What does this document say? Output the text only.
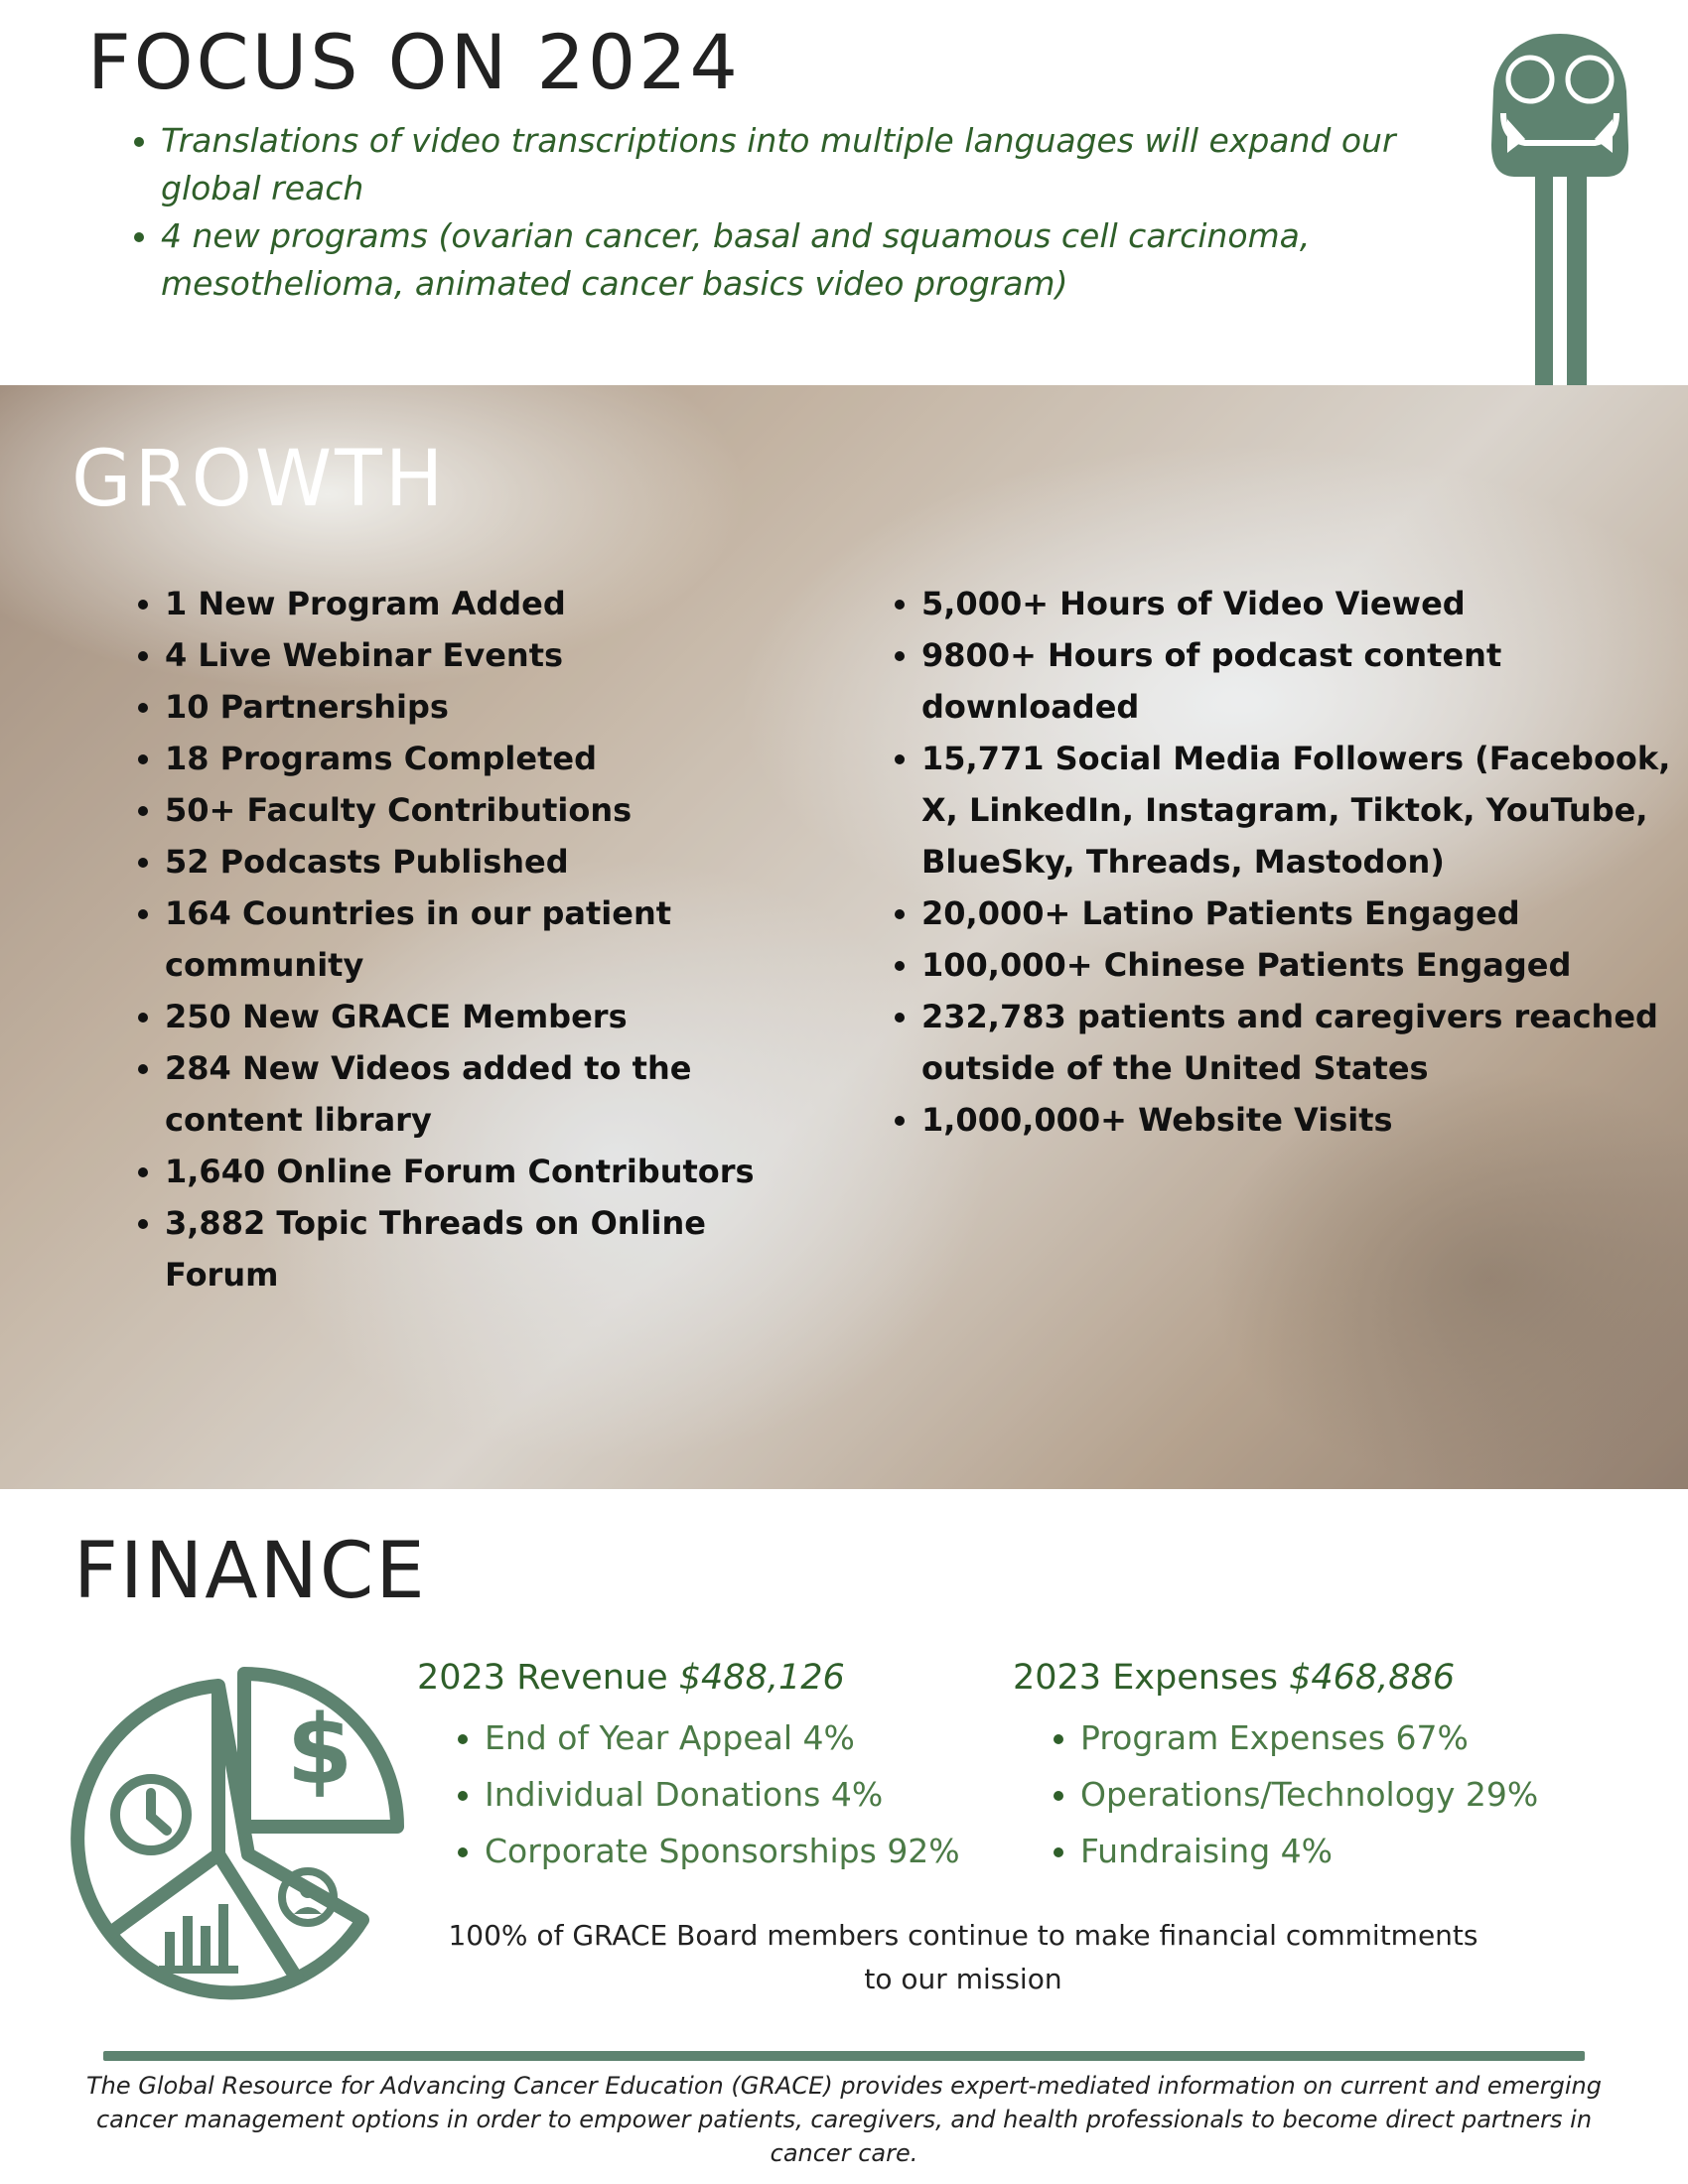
FOCUS ON 2024
• Translations of video transcriptions into multiple languages will expand our global reach
• 4 new programs (ovarian cancer, basal and squamous cell carcinoma, mesothelioma, animated cancer basics video program)
GROWTH
• 1 New Program Added
• 4 Live Webinar Events
• 10 Partnerships
• 18 Programs Completed
• 50+ Faculty Contributions
• 52 Podcasts Published
• 164 Countries in our patient community
• 250 New GRACE Members
• 284 New Videos added to the content library
• 1,640 Online Forum Contributors
• 3,882 Topic Threads on Online Forum
• 5,000+ Hours of Video Viewed
• 9800+ Hours of podcast content downloaded
• 15,771 Social Media Followers (Facebook, X, LinkedIn, Instagram, Tiktok, YouTube, BlueSky, Threads, Mastodon)
• 20,000+ Latino Patients Engaged
• 100,000+ Chinese Patients Engaged
• 232,783 patients and caregivers reached outside of the United States
• 1,000,000+ Website Visits
FINANCE
$
2023 Revenue $488,126
• End of Year Appeal 4%
• Individual Donations 4%
• Corporate Sponsorships 92%
2023 Expenses $468,886
• Program Expenses 67%
• Operations/Technology 29%
• Fundraising 4%

100% of GRACE Board members continue to make financial commitments to our mission

The Global Resource for Advancing Cancer Education (GRACE) provides expert-mediated information on current and emerging cancer management options in order to empower patients, caregivers, and health professionals to become direct partners in cancer care.
